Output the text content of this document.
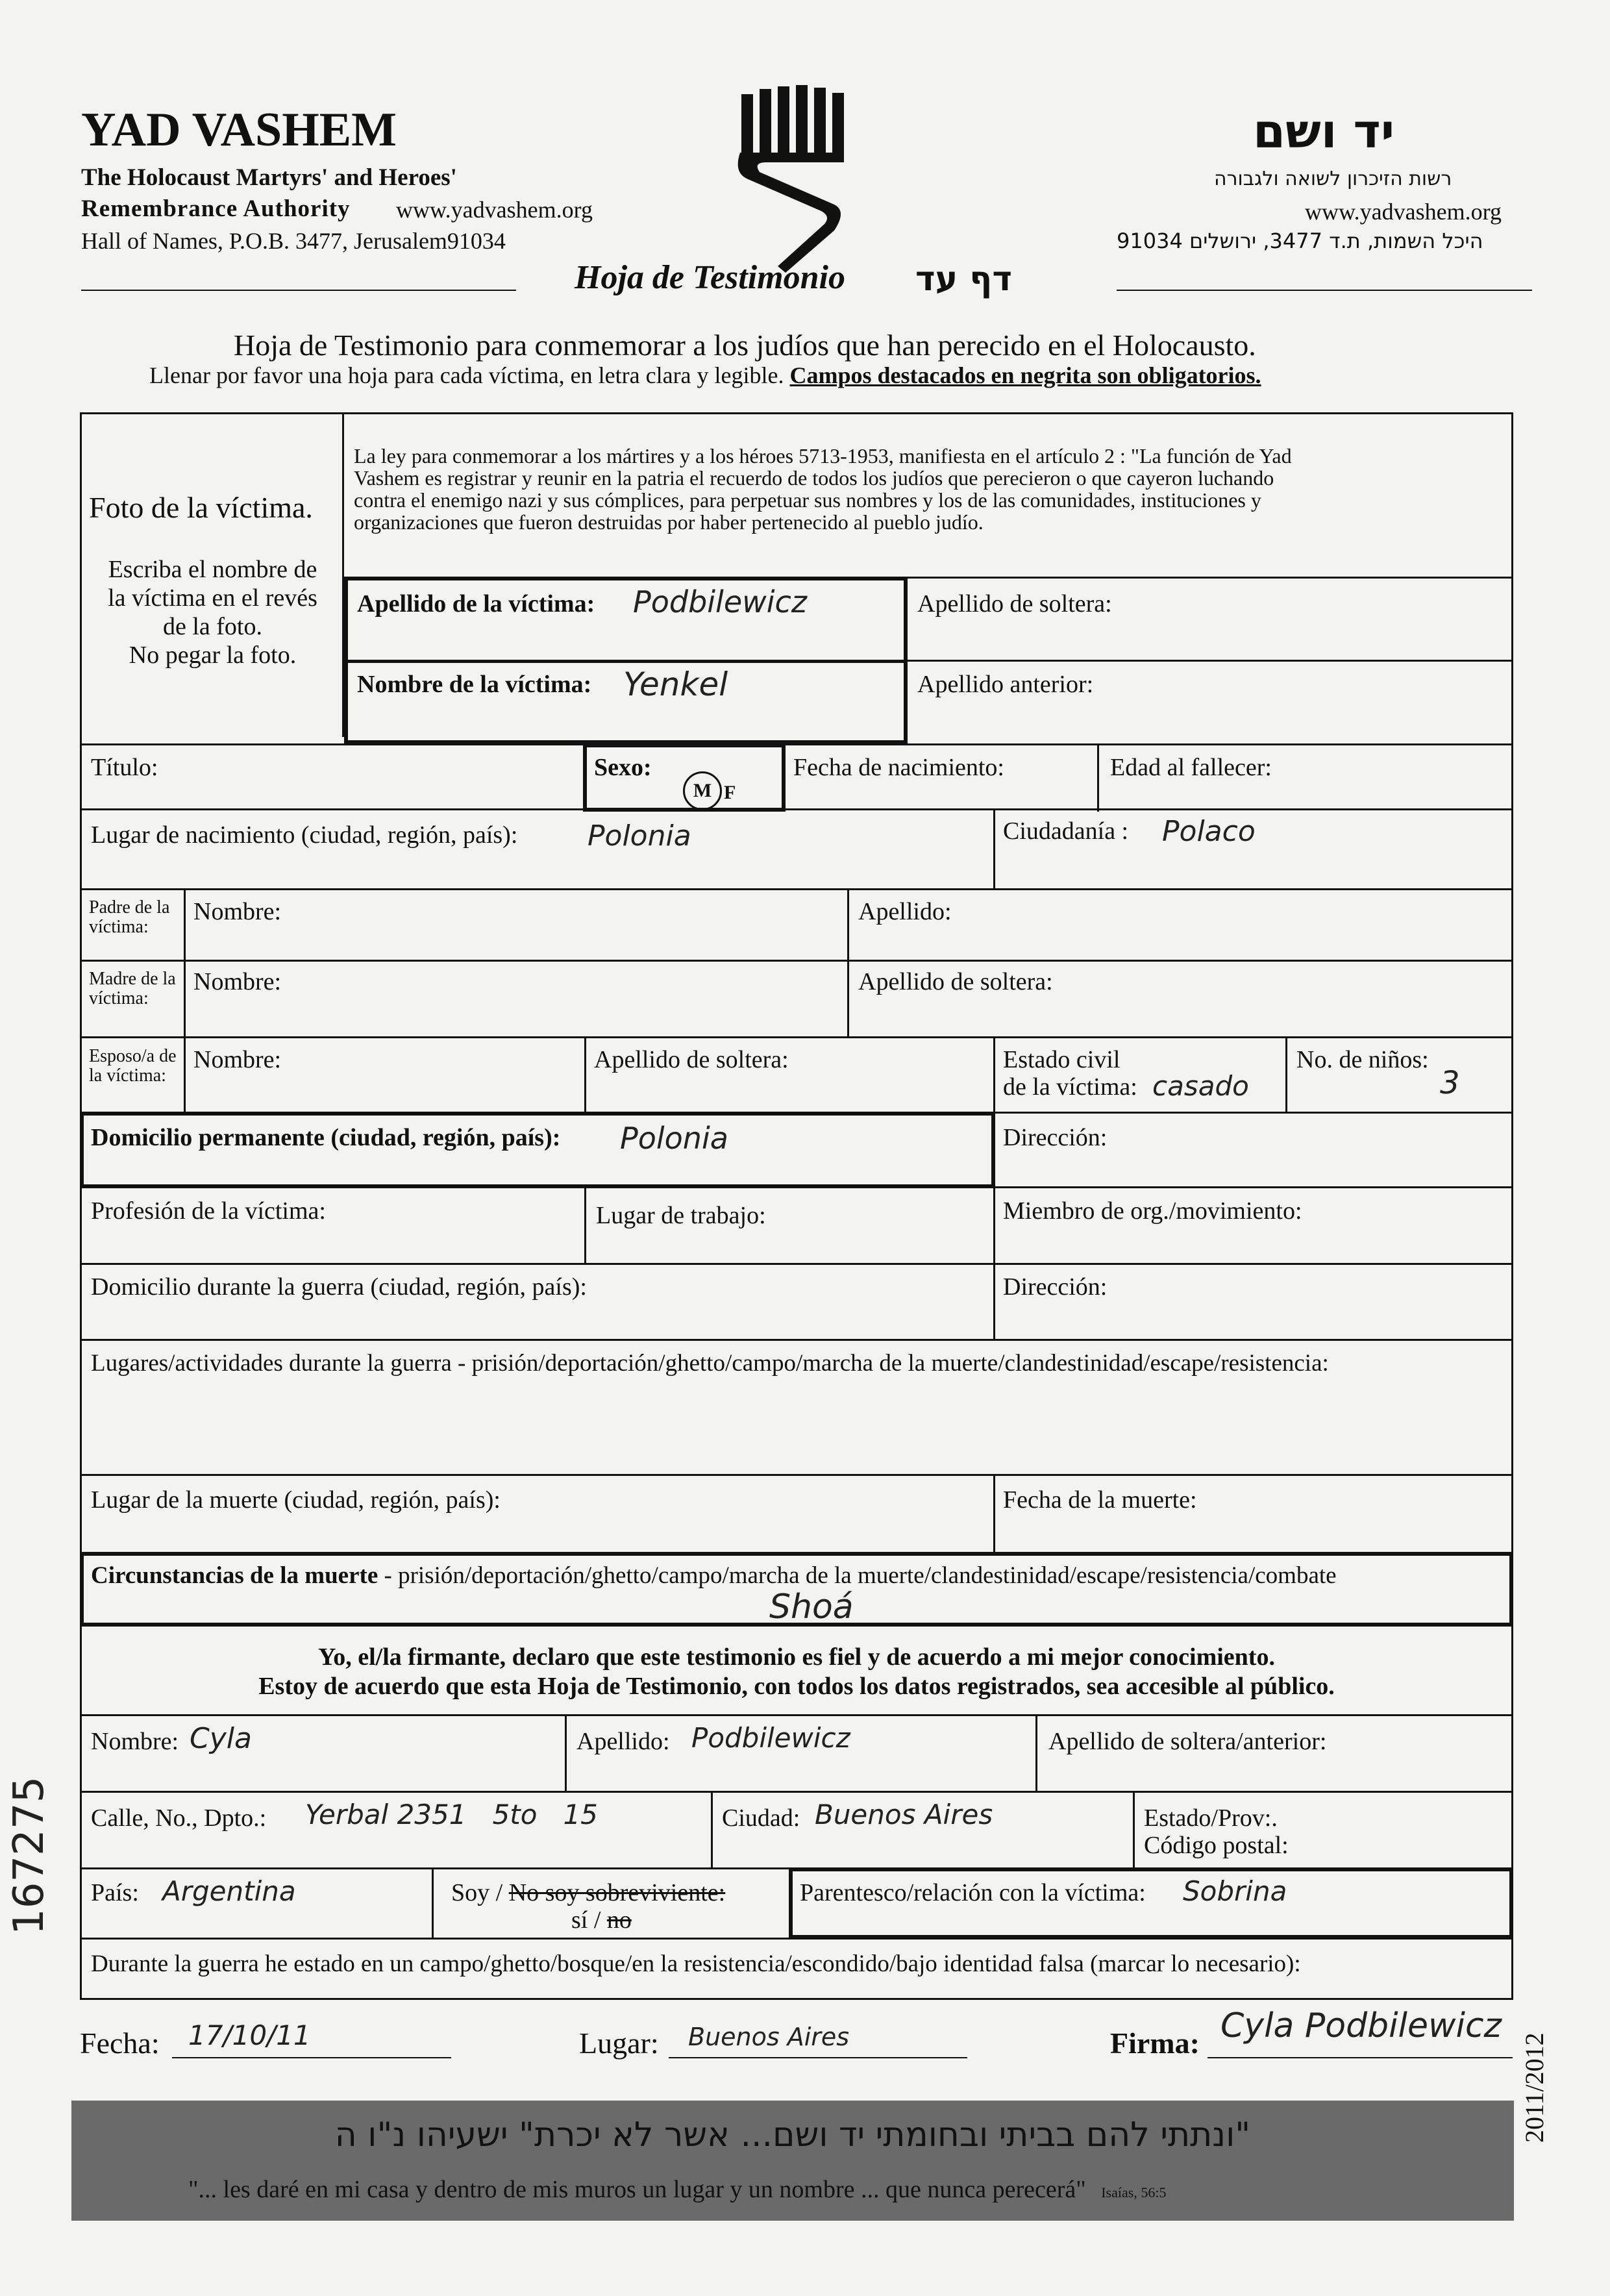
YAD VASHEM
The Holocaust Martyrs' and Heroes'
Remembrance Authority www.yadvashem.org
Hall of Names, P.O.B. 3477, Jerusalem91034
יד ושם
רשות הזיכרון לשואה ולגבורה
www.yadvashem.org
היכל השמות, ת.ד 3477, ירושלים 91034
Hoja de Testimonio דף עד
Hoja de Testimonio para conmemorar a los judíos que han perecido en el Holocausto.
Llenar por favor una hoja para cada víctima, en letra clara y legible. Campos destacados en negrita son obligatorios.
Foto de la víctima.
Escriba el nombre de
la víctima en el revés
de la foto.
No pegar la foto.
La ley para conmemorar a los mártires y a los héroes 5713-1953, manifiesta en el artículo 2 : "La función de Yad
Vashem es registrar y reunir en la patria el recuerdo de todos los judíos que perecieron o que cayeron luchando
contra el enemigo nazi y sus cómplices, para perpetuar sus nombres y los de las comunidades, instituciones y
organizaciones que fueron destruidas por haber pertenecido al pueblo judío.
Apellido de la víctima: Podbilewicz
Nombre de la víctima: Yenkel
Apellido de soltera:
Apellido anterior:
Título:	Sexo:
M F
Fecha de nacimiento:	Edad al fallecer:
Lugar de nacimiento (ciudad, región, país): Polonia	Ciudadanía : Polaco
Padre de la víctima:
Nombre:	Apellido:
Madre de la víctima:
Nombre:	Apellido de soltera:
Esposo/a de la víctima:
Nombre:	Apellido de soltera:	Estado civil
de la víctima: casado
No. de niños:
3
Domicilio permanente (ciudad, región, país): Polonia	Dirección:
Profesión de la víctima:	Lugar de trabajo:	Miembro de org./movimiento:
Domicilio durante la guerra (ciudad, región, país):	Dirección:
Lugares/actividades durante la guerra - prisión/deportación/ghetto/campo/marcha de la muerte/clandestinidad/escape/resistencia:
Lugar de la muerte (ciudad, región, país):	Fecha de la muerte:
Circunstancias de la muerte - prisión/deportación/ghetto/campo/marcha de la muerte/clandestinidad/escape/resistencia/combate
Shoá
Yo, el/la firmante, declaro que este testimonio es fiel y de acuerdo a mi mejor conocimiento.
Estoy de acuerdo que esta Hoja de Testimonio, con todos los datos registrados, sea accesible al público.
Nombre: Cyla	Apellido: Podbilewicz	Apellido de soltera/anterior:
Calle, No., Dpto.: Yerbal 2351   5to   15	Ciudad: Buenos Aires	Estado/Prov:.
Código postal:
País: Argentina	Soy / No soy sobreviviente:
sí / no
Parentesco/relación con la víctima: Sobrina
Durante la guerra he estado en un campo/ghetto/bosque/en la resistencia/escondido/bajo identidad falsa (marcar lo necesario):
Fecha: 17/10/11	Lugar: Buenos Aires	Firma: Cyla Podbilewicz
"ונתתי להם בביתי ובחומתי יד ושם... אשר לא יכרת" ישעיהו נ"ו ה
"... les daré en mi casa y dentro de mis muros un lugar y un nombre ... que nunca perecerá" Isaías, 56:5
2011/2012
167275
